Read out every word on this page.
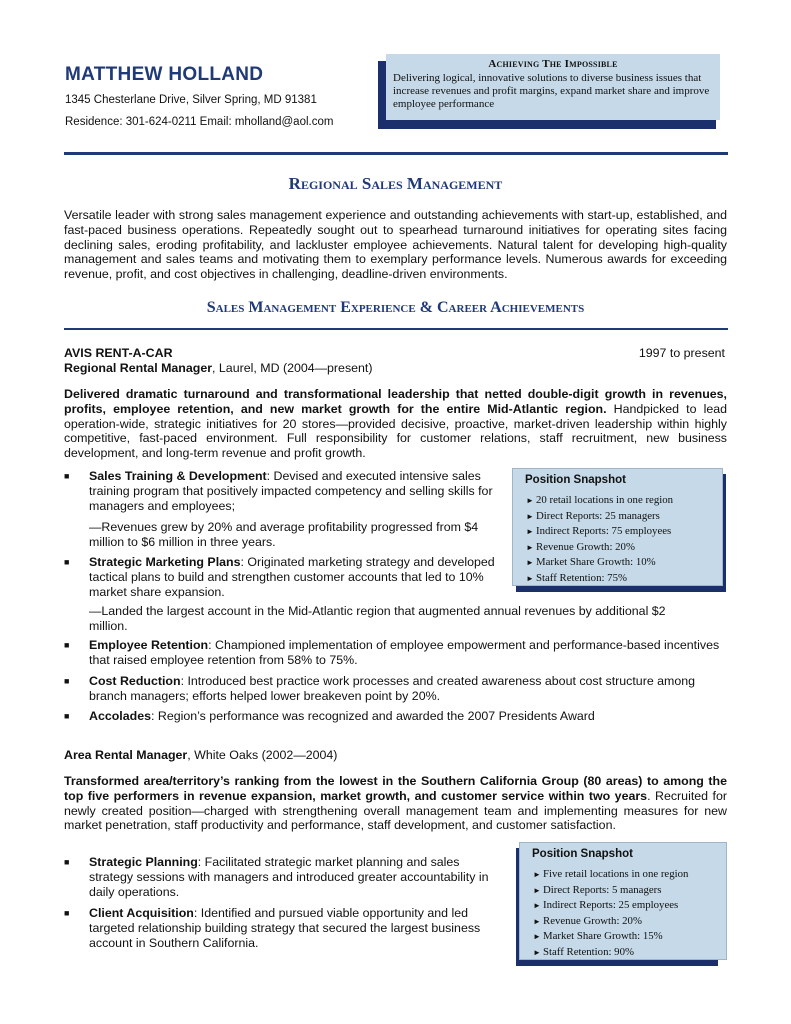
MATTHEW HOLLAND
1345 Chesterlane Drive, Silver Spring, MD 91381
Residence: 301-624-0211 Email: mholland@aol.com
Achieving The Impossible
Delivering logical, innovative solutions to diverse business issues that increase revenues and profit margins, expand market share and improve employee performance
Regional Sales Management
Versatile leader with strong sales management experience and outstanding achievements with start-up, established, and fast-paced business operations. Repeatedly sought out to spearhead turnaround initiatives for operating sites facing declining sales, eroding profitability, and lackluster employee achievements. Natural talent for developing high-quality management and sales teams and motivating them to exemplary performance levels. Numerous awards for exceeding revenue, profit, and cost objectives in challenging, deadline-driven environments.
Sales Management Experience & Career Achievements
AVIS RENT-A-CAR	1997 to present
Regional Rental Manager, Laurel, MD (2004—present)
Delivered dramatic turnaround and transformational leadership that netted double-digit growth in revenues, profits, employee retention, and new market growth for the entire Mid-Atlantic region. Handpicked to lead operation-wide, strategic initiatives for 20 stores—provided decisive, proactive, market-driven leadership within highly competitive, fast-paced environment. Full responsibility for customer relations, staff recruitment, new business development, and long-term revenue and profit growth.
■	Sales Training & Development: Devised and executed intensive sales training program that positively impacted competency and selling skills for managers and employees;
—Revenues grew by 20% and average profitability progressed from $4 million to $6 million in three years.
■	Strategic Marketing Plans: Originated marketing strategy and developed tactical plans to build and strengthen customer accounts that led to 10% market share expansion.
—Landed the largest account in the Mid-Atlantic region that augmented annual revenues by additional $2 million.
■	Employee Retention: Championed implementation of employee empowerment and performance-based incentives that raised employee retention from 58% to 75%.
■	Cost Reduction: Introduced best practice work processes and created awareness about cost structure among branch managers; efforts helped lower breakeven point by 20%.
■	Accolades: Region’s performance was recognized and awarded the 2007 Presidents Award
Position Snapshot
► 20 retail locations in one region
► Direct Reports: 25 managers
► Indirect Reports: 75 employees
► Revenue Growth: 20%
► Market Share Growth: 10%
► Staff Retention: 75%
Area Rental Manager, White Oaks (2002—2004)
Transformed area/territory’s ranking from the lowest in the Southern California Group (80 areas) to among the top five performers in revenue expansion, market growth, and customer service within two years. Recruited for newly created position—charged with strengthening overall management team and implementing measures for new market penetration, staff productivity and performance, staff development, and customer satisfaction.
■	Strategic Planning: Facilitated strategic market planning and sales strategy sessions with managers and introduced greater accountability in daily operations.
■	Client Acquisition: Identified and pursued viable opportunity and led targeted relationship building strategy that secured the largest business account in Southern California.
Position Snapshot
► Five retail locations in one region
► Direct Reports: 5 managers
► Indirect Reports: 25 employees
► Revenue Growth: 20%
► Market Share Growth: 15%
► Staff Retention: 90%
